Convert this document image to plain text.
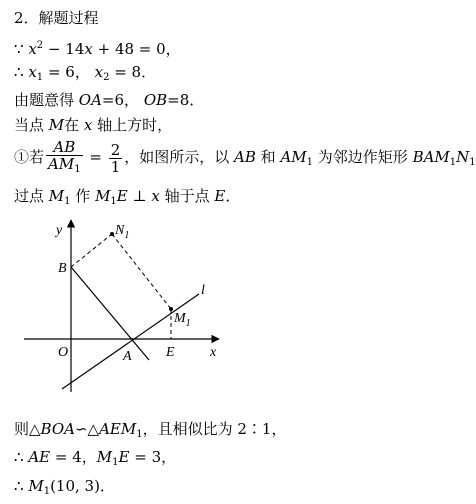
2．解题过程
∵ $x^2 - 14x + 48 = 0$，
∴ $x_1 = 6$， $x_2 = 8$．
由题意得 OA=6， OB=8．
当点 M在 x 轴上方时，
①若 $\frac{AB}{AM_1} = \frac{2}{1}$ ，如图所示，以 AB 和 $AM_1$ 为邻边作矩形 $BAM_1N_1$
过点 $M_1$ 作 $M_1E$ ⊥ x 轴于点 E．
y
x
O	A
B
E
l
$N_1$
$M_1$
则$\triangle BOA∽\triangle AEM_1$，且相似比为 2∶1，
∴ AE = 4，$M_1E = 3$，
∴ $M_1(10$, 3)．
